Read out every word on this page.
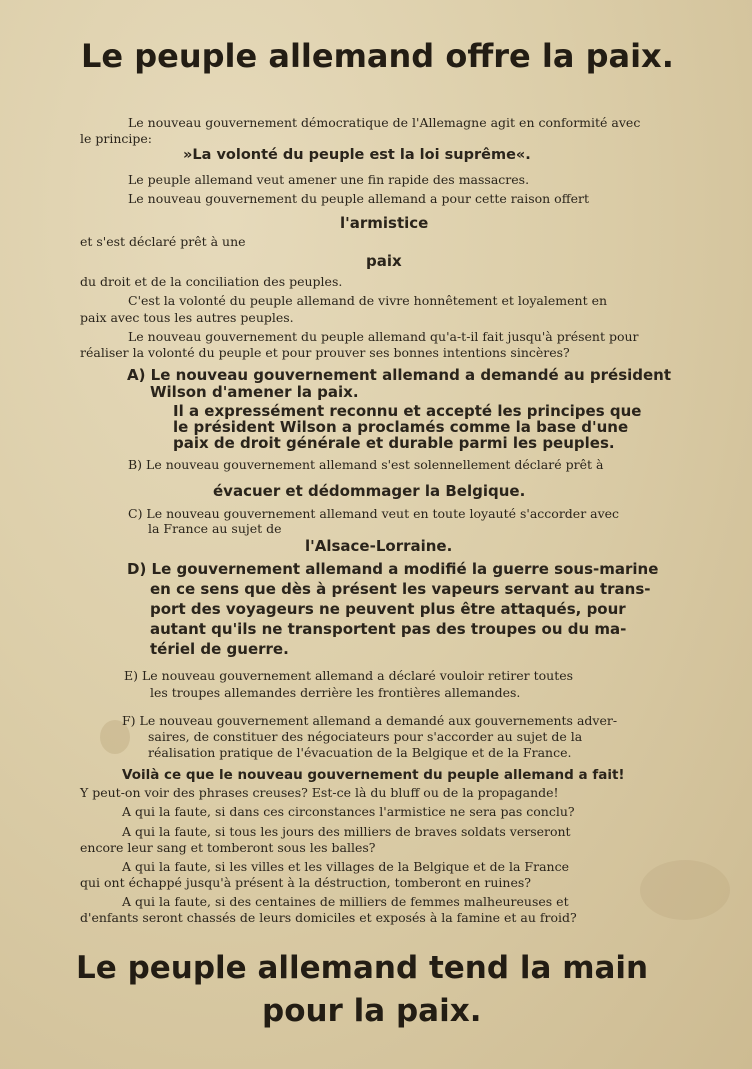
Le peuple allemand offre la paix.

Le nouveau gouvernement démocratique de l'Allemagne agit en conformité avec

le principe:

»La volonté du peuple est la loi suprême«.

Le peuple allemand veut amener une fin rapide des massacres.

Le nouveau gouvernement du peuple allemand a pour cette raison offert

l'armistice

et s'est déclaré prêt à une

paix

du droit et de la conciliation des peuples.

C'est la volonté du peuple allemand de vivre honnêtement et loyalement en

paix avec tous les autres peuples.

Le nouveau gouvernement du peuple allemand qu'a-t-il fait jusqu'à présent pour

réaliser la volonté du peuple et pour prouver ses bonnes intentions sincères?

A) Le nouveau gouvernement allemand a demandé au président

Wilson d'amener la paix.

Il a expressément reconnu et accepté les principes que

le président Wilson a proclamés comme la base d'une

paix de droit générale et durable parmi les peuples.

B) Le nouveau gouvernement allemand s'est solennellement déclaré prêt à

évacuer et dédommager la Belgique.

C) Le nouveau gouvernement allemand veut en toute loyauté s'accorder avec

la France au sujet de

l'Alsace-Lorraine.

D) Le gouvernement allemand a modifié la guerre sous-marine

en ce sens que dès à présent les vapeurs servant au trans-

port des voyageurs ne peuvent plus être attaqués, pour

autant qu'ils ne transportent pas des troupes ou du ma-

tériel de guerre.

E) Le nouveau gouvernement allemand a déclaré vouloir retirer toutes

les troupes allemandes derrière les frontières allemandes.

F) Le nouveau gouvernement allemand a demandé aux gouvernements adver-

saires, de constituer des négociateurs pour s'accorder au sujet de la

réalisation pratique de l'évacuation de la Belgique et de la France.

Voilà ce que le nouveau gouvernement du peuple allemand a fait!

Y peut-on voir des phrases creuses? Est-ce là du bluff ou de la propagande!

A qui la faute, si dans ces circonstances l'armistice ne sera pas conclu?

A qui la faute, si tous les jours des milliers de braves soldats verseront

encore leur sang et tomberont sous les balles?

A qui la faute, si les villes et les villages de la Belgique et de la France

qui ont échappé jusqu'à présent à la déstruction, tomberont en ruines?

A qui la faute, si des centaines de milliers de femmes malheureuses et

d'enfants seront chassés de leurs domiciles et exposés à la famine et au froid?

Le peuple allemand tend la main

pour la paix.
